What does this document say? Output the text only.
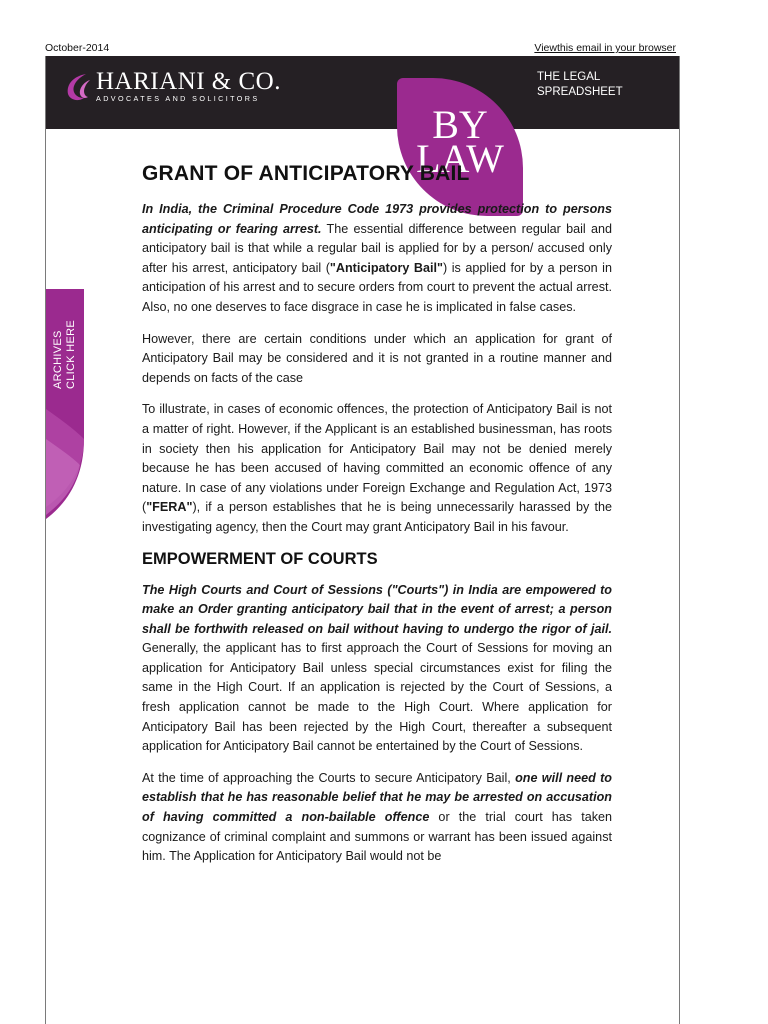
October-2014	Viewthis email in your browser
HARIANI & CO.
ADVOCATES AND SOLICITORS
THE LEGAL
SPREADSHEET
BY
LAW
ARCHIVES CLICK HERE
GRANT OF ANTICIPATORY BAIL

In India, the Criminal Procedure Code 1973 provides protection to persons anticipating or fearing arrest. The essential difference between regular bail and anticipatory bail is that while a regular bail is applied for by a person/ accused only after his arrest, anticipatory bail ("Anticipatory Bail") is applied for by a person in anticipation of his arrest and to secure orders from court to prevent the actual arrest. Also, no one deserves to face disgrace in case he is implicated in false cases.

However, there are certain conditions under which an application for grant of Anticipatory Bail may be considered and it is not granted in a routine manner and depends on facts of the case

To illustrate, in cases of economic offences, the protection of Anticipatory Bail is not a matter of right. However, if the Applicant is an established businessman, has roots in society then his application for Anticipatory Bail may not be denied merely because he has been accused of having committed an economic offence of any nature. In case of any violations under Foreign Exchange and Regulation Act, 1973 ("FERA"), if a person establishes that he is being unnecessarily harassed by the investigating agency, then the Court may grant Anticipatory Bail in his favour.

EMPOWERMENT OF COURTS

The High Courts and Court of Sessions ("Courts") in India are empowered to make an Order granting anticipatory bail that in the event of arrest; a person shall be forthwith released on bail without having to undergo the rigor of jail. Generally, the applicant has to first approach the Court of Sessions for moving an application for Anticipatory Bail unless special circumstances exist for filing the same in the High Court. If an application is rejected by the Court of Sessions, a fresh application cannot be made to the High Court. Where application for Anticipatory Bail has been rejected by the High Court, thereafter a subsequent application for Anticipatory Bail cannot be entertained by the Court of Sessions.

At the time of approaching the Courts to secure Anticipatory Bail, one will need to establish that he has reasonable belief that he may be arrested on accusation of having committed a non-bailable offence or the trial court has taken cognizance of criminal complaint and summons or warrant has been issued against him. The Application for Anticipatory Bail would not be
